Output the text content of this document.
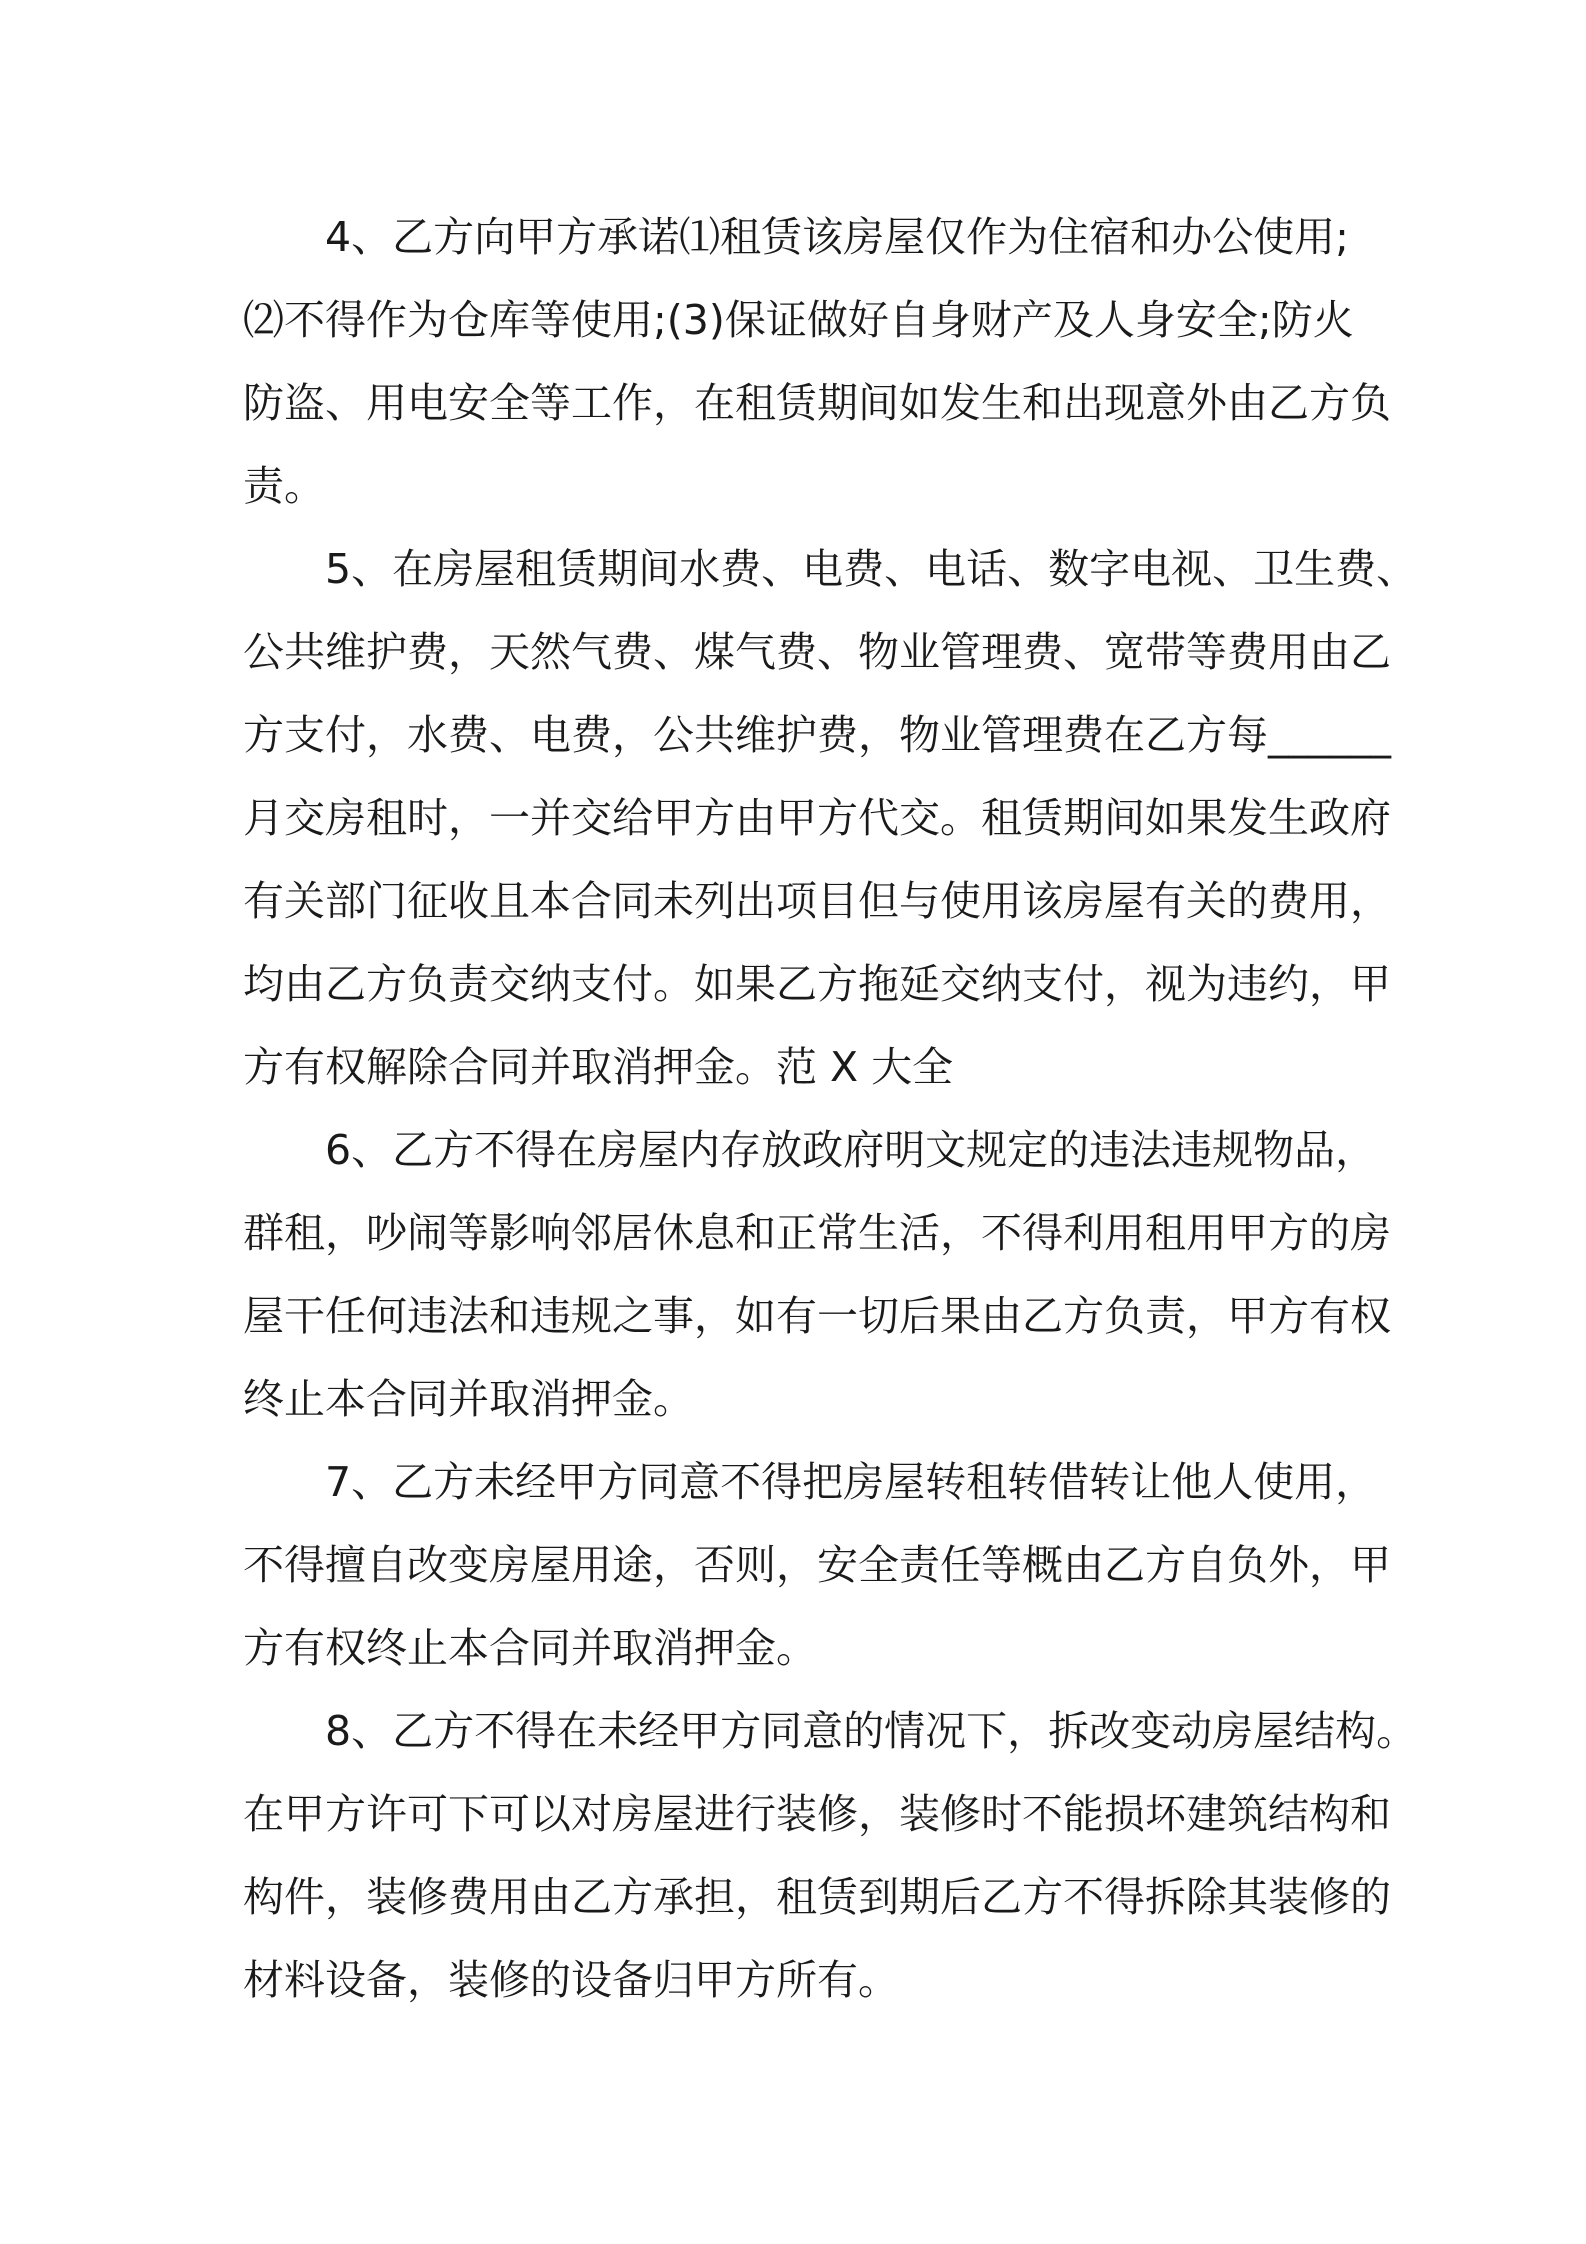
4、乙方向甲方承诺⑴租赁该房屋仅作为住宿和办公使用;
⑵不得作为仓库等使用;(3)保证做好自身财产及人身安全;防火
防盗、用电安全等工作，在租赁期间如发生和出现意外由乙方负
责。
5、在房屋租赁期间水费、电费、电话、数字电视、卫生费、
公共维护费，天然气费、煤气费、物业管理费、宽带等费用由乙
方支付，水费、电费，公共维护费，物业管理费在乙方每______
月交房租时，一并交给甲方由甲方代交。租赁期间如果发生政府
有关部门征收且本合同未列出项目但与使用该房屋有关的费用，
均由乙方负责交纳支付。如果乙方拖延交纳支付，视为违约，甲
方有权解除合同并取消押金。范 X 大全
6、乙方不得在房屋内存放政府明文规定的违法违规物品，
群租，吵闹等影响邻居休息和正常生活，不得利用租用甲方的房
屋干任何违法和违规之事，如有一切后果由乙方负责，甲方有权
终止本合同并取消押金。
7、乙方未经甲方同意不得把房屋转租转借转让他人使用，
不得擅自改变房屋用途，否则，安全责任等概由乙方自负外，甲
方有权终止本合同并取消押金。
8、乙方不得在未经甲方同意的情况下，拆改变动房屋结构。
在甲方许可下可以对房屋进行装修，装修时不能损坏建筑结构和
构件，装修费用由乙方承担，租赁到期后乙方不得拆除其装修的
材料设备，装修的设备归甲方所有。
